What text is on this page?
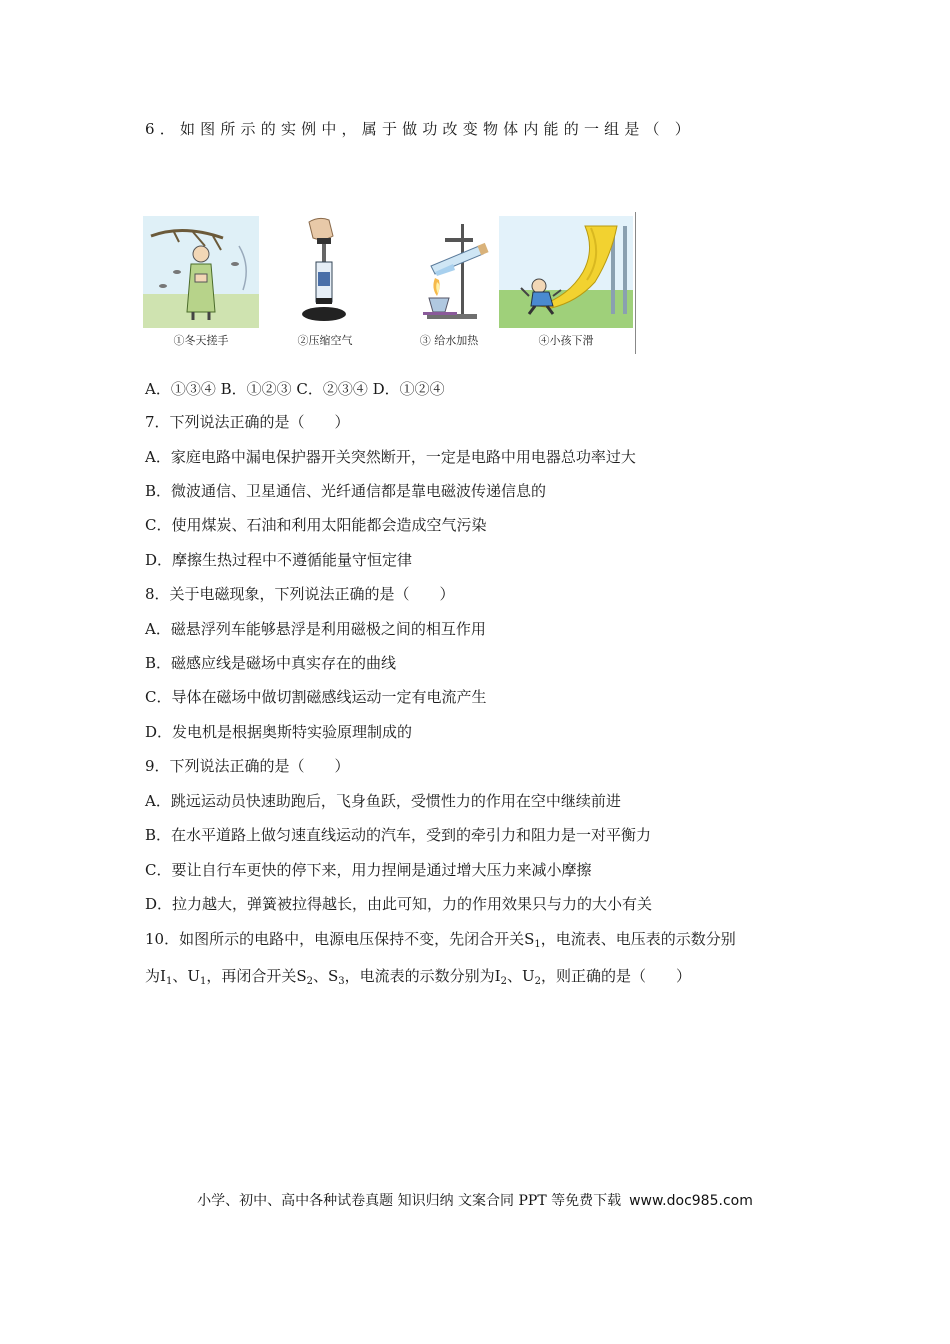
6．如图所示的实例中，属于做功改变物体内能的一组是（ ）
①冬天搓手	②压缩空气	③ 给水加热	④小孩下滑
A．①③④ B．①②③ C．②③④ D．①②④
7．下列说法正确的是（　　）
A．家庭电路中漏电保护器开关突然断开，一定是电路中用电器总功率过大
B．微波通信、卫星通信、光纤通信都是靠电磁波传递信息的
C．使用煤炭、石油和利用太阳能都会造成空气污染
D．摩擦生热过程中不遵循能量守恒定律
8．关于电磁现象，下列说法正确的是（　　）
A．磁悬浮列车能够悬浮是利用磁极之间的相互作用
B．磁感应线是磁场中真实存在的曲线
C．导体在磁场中做切割磁感线运动一定有电流产生
D．发电机是根据奥斯特实验原理制成的
9．下列说法正确的是（　　）
A．跳远运动员快速助跑后，飞身鱼跃，受惯性力的作用在空中继续前进
B．在水平道路上做匀速直线运动的汽车，受到的牵引力和阻力是一对平衡力
C．要让自行车更快的停下来，用力捏闸是通过增大压力来减小摩擦
D．拉力越大，弹簧被拉得越长，由此可知，力的作用效果只与力的大小有关
10．如图所示的电路中，电源电压保持不变，先闭合开关$S_1$，电流表、电压表的示数分别
为$I_1$、$U_1$，再闭合开关$S_2$、$S_3$，电流表的示数分别为$I_2$、$U_2$，则正确的是（　　）
小学、初中、高中各种试卷真题 知识归纳 文案合同 PPT 等免费下载 www.doc985.com
